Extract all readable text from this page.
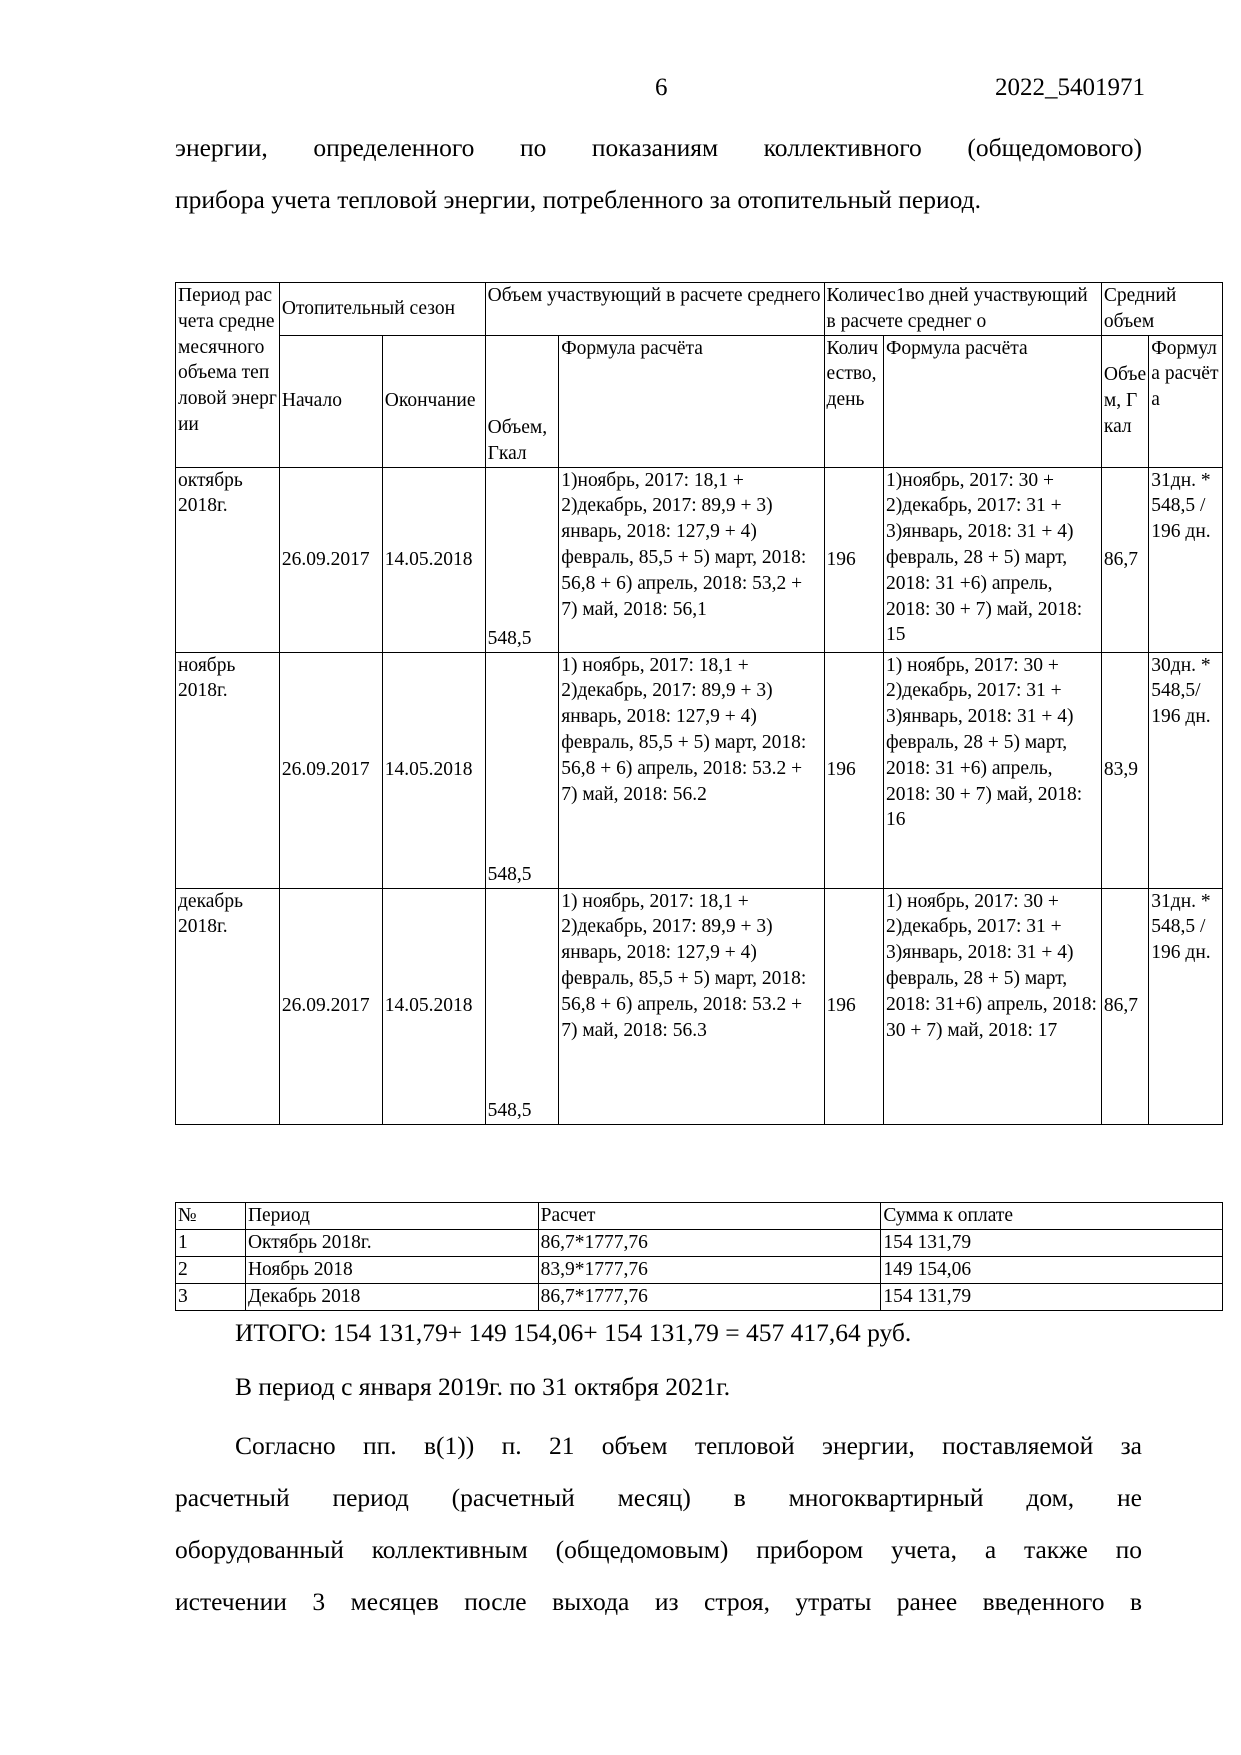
6	2022_5401971
энергии, определенного по показаниям коллективного (общедомового)
прибора учета тепловой энергии, потребленного за отопительный период.
Период расчета среднемесячного объема тепловой энергии	Отопительный сезон		Объем участвующий в расчете среднего		Количес1во дней участвующий в расчете среднег о		Средний объем	
	Начало	Окончание	Объем, Гкал	Формула расчёта	Количество, день	Формула расчёта	Объем, Гкал	Формула расчёта
октябрь 2018г.	26.09.2017	14.05.2018	548,5	1)ноябрь, 2017: 18,1 + 2)декабрь, 2017: 89,9 + 3) январь, 2018: 127,9 + 4) февраль, 85,5 + 5) март, 2018: 56,8 + 6) апрель, 2018: 53,2 + 7) май, 2018: 56,1	196	1)ноябрь, 2017: 30 + 2)декабрь, 2017: 31 + 3)январь, 2018: 31 + 4) февраль, 28 + 5) март, 2018: 31 +6) апрель, 2018: 30 + 7) май, 2018: 15	86,7	31дн. * 548,5 / 196 дн.
ноябрь 2018г.	26.09.2017	14.05.2018	548,5	1) ноябрь, 2017: 18,1 + 2)декабрь, 2017: 89,9 + 3) январь, 2018: 127,9 + 4) февраль, 85,5 + 5) март, 2018: 56,8 + 6) апрель, 2018: 53.2 + 7) май, 2018: 56.2	196	1) ноябрь, 2017: 30 + 2)декабрь, 2017: 31 + 3)январь, 2018: 31 + 4) февраль, 28 + 5) март, 2018: 31 +6) апрель, 2018: 30 + 7) май, 2018: 16	83,9	30дн. * 548,5/ 196 дн.
декабрь 2018г.	26.09.2017	14.05.2018	548,5	1) ноябрь, 2017: 18,1 + 2)декабрь, 2017: 89,9 + 3) январь, 2018: 127,9 + 4) февраль, 85,5 + 5) март, 2018: 56,8 + 6) апрель, 2018: 53.2 + 7) май, 2018: 56.3	196	1) ноябрь, 2017: 30 + 2)декабрь, 2017: 31 + 3)январь, 2018: 31 + 4) февраль, 28 + 5) март, 2018: 31+6) апрель, 2018: 30 + 7) май, 2018: 17	86,7	31дн. * 548,5 / 196 дн.
№	Период	Расчет	Сумма к оплате
1	Октябрь 2018г.	86,7*1777,76	154 131,79
2	Ноябрь 2018	83,9*1777,76	149 154,06
3	Декабрь 2018	86,7*1777,76	154 131,79
ИТОГО: 154 131,79+ 149 154,06+ 154 131,79 = 457 417,64 руб.
В период с января 2019г. по 31 октября 2021г.
Согласно пп. в(1)) п. 21 объем тепловой энергии, поставляемой за
расчетный период (расчетный месяц) в многоквартирный дом, не
оборудованный коллективным (общедомовым) прибором учета, а также по
истечении 3 месяцев после выхода из строя, утраты ранее введенного в
